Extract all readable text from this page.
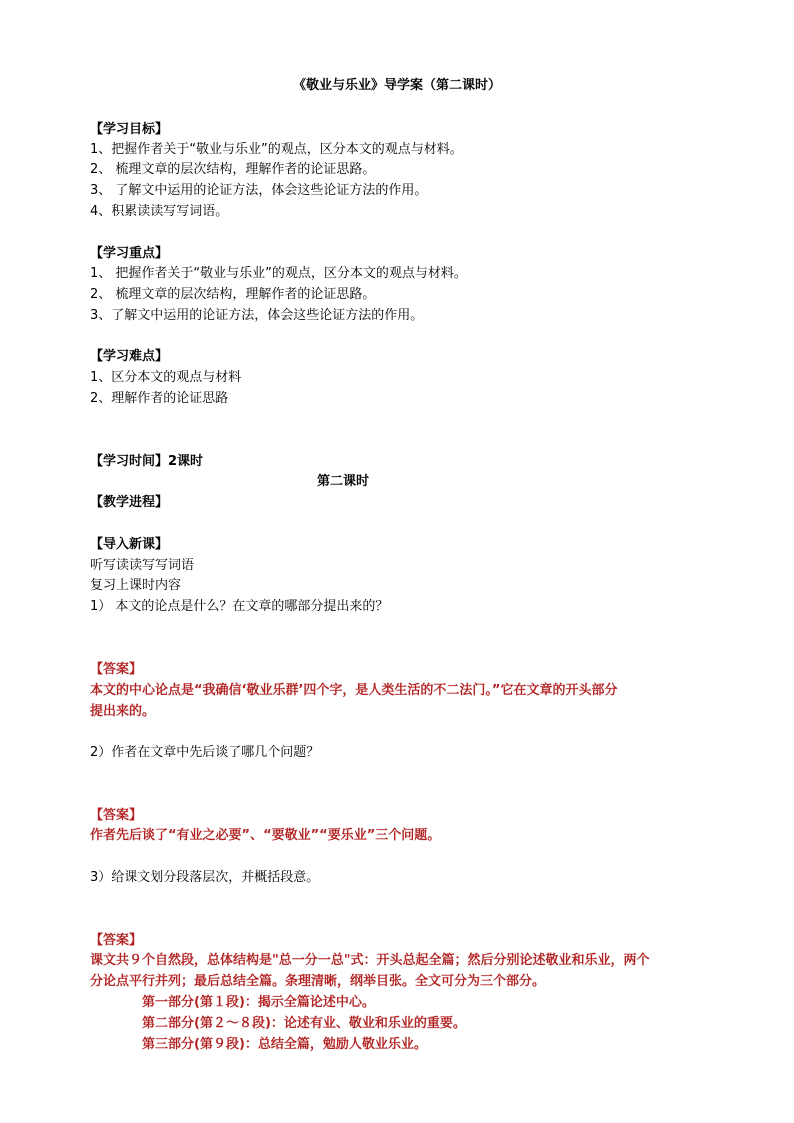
《敬业与乐业》导学案（第二课时）
【学习目标】
1、把握作者关于“敬业与乐业”的观点，区分本文的观点与材料。
2、 梳理文章的层次结构，理解作者的论证思路。
3、 了解文中运用的论证方法，体会这些论证方法的作用。
4、积累读读写写词语。
【学习重点】
1、 把握作者关于“敬业与乐业”的观点，区分本文的观点与材料。
2、 梳理文章的层次结构，理解作者的论证思路。
3、了解文中运用的论证方法，体会这些论证方法的作用。
【学习难点】
1、区分本文的观点与材料
2、理解作者的论证思路
【学习时间】2课时
第二课时
【教学进程】
【导入新课】
听写读读写写词语
复习上课时内容
1） 本文的论点是什么？在文章的哪部分提出来的？
【答案】
本文的中心论点是“我确信‘敬业乐群’四个字，是人类生活的不二法门。”它在文章的开头部分
提出来的。
2）作者在文章中先后谈了哪几个问题？
【答案】
作者先后谈了“有业之必要”、“要敬业”“要乐业”三个问题。
3）给课文划分段落层次，并概括段意。
【答案】
课文共９个自然段，总体结构是"总一分一总"式：开头总起全篇；然后分别论述敬业和乐业，两个
分论点平行并列；最后总结全篇。条理清晰，纲举目张。全文可分为三个部分。
第一部分(第１段)：揭示全篇论述中心。
第二部分(第２～８段)：论述有业、敬业和乐业的重要。
第三部分(第９段)：总结全篇，勉励人敬业乐业。
